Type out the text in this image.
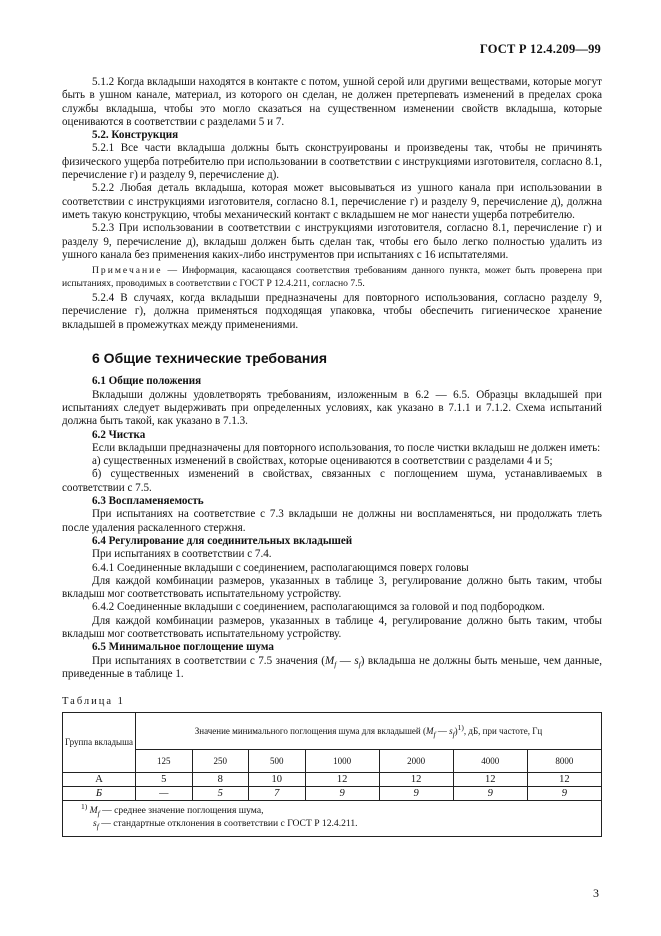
ГОСТ Р 12.4.209—99

5.1.2 Когда вкладыши находятся в контакте с потом, ушной серой или другими веществами, которые могут быть в ушном канале, материал, из которого он сделан, не должен претерпевать изменений в пределах срока службы вкладыша, чтобы это могло сказаться на существенном изменении свойств вкладыша, которые оцениваются в соответствии с разделами 5 и 7.

5.2. Конструкция

5.2.1 Все части вкладыша должны быть сконструированы и произведены так, чтобы не причинять физического ущерба потребителю при использовании в соответствии с инструкциями изготовителя, согласно 8.1, перечисление г) и разделу 9, перечисление д).

5.2.2 Любая деталь вкладыша, которая может высовываться из ушного канала при использовании в соответствии с инструкциями изготовителя, согласно 8.1, перечисление г) и разделу 9, перечисление д), должна иметь такую конструкцию, чтобы механический контакт с вкладышем не мог нанести ущерба потребителю.

5.2.3 При использовании в соответствии с инструкциями изготовителя, согласно 8.1, перечисление г) и разделу 9, перечисление д), вкладыш должен быть сделан так, чтобы его было легко полностью удалить из ушного канала без применения каких-либо инструментов при испытаниях с 16 испытателями.

Примечание — Информация, касающаяся соответствия требованиям данного пункта, может быть проверена при испытаниях, проводимых в соответствии с ГОСТ Р 12.4.211, согласно 7.5.

5.2.4 В случаях, когда вкладыши предназначены для повторного использования, согласно разделу 9, перечисление г), должна применяться подходящая упаковка, чтобы обеспечить гигиеническое хранение вкладышей в промежутках между применениями.

6 Общие технические требования

6.1 Общие положения

Вкладыши должны удовлетворять требованиям, изложенным в 6.2 — 6.5. Образцы вкладышей при испытаниях следует выдерживать при определенных условиях, как указано в 7.1.1 и 7.1.2. Схема испытаний должна быть такой, как указано в 7.1.3.

6.2 Чистка

Если вкладыши предназначены для повторного использования, то после чистки вкладыш не должен иметь:

а) существенных изменений в свойствах, которые оцениваются в соответствии с разделами 4 и 5;

б) существенных изменений в свойствах, связанных с поглощением шума, устанавливаемых в соответствии с 7.5.

6.3 Воспламеняемость

При испытаниях на соответствие с 7.3 вкладыши не должны ни воспламеняться, ни продолжать тлеть после удаления раскаленного стержня.

6.4 Регулирование для соединительных вкладышей

При испытаниях в соответствии с 7.4.

6.4.1 Соединенные вкладыши с соединением, располагающимся поверх головы

Для каждой комбинации размеров, указанных в таблице 3, регулирование должно быть таким, чтобы вкладыш мог соответствовать испытательному устройству.

6.4.2 Соединенные вкладыши с соединением, располагающимся за головой и под подбородком.

Для каждой комбинации размеров, указанных в таблице 4, регулирование должно быть таким, чтобы вкладыш мог соответствовать испытательному устройству.

6.5 Минимальное поглощение шума

При испытаниях в соответствии с 7.5 значения ($M_f$ — $s_f$) вкладыша не должны быть меньше, чем данные, приведенные в таблице 1.

Таблица 1
Группа вкладыша	Значение минимального поглощения шума для вкладышей ($M_f$ — $s_f)^{1)}$, дБ, при частоте, Гц						
	125	250	500	1000	2000	4000	8000
А	5	8	10	12	12	12	12
Б	—	5	7	9	9	9	9

$^{1)}$ $M_f$ — среднее значение поглощения шума,
$s_f$ — стандартные отклонения в соответствии с ГОСТ Р 12.4.211.							
3
